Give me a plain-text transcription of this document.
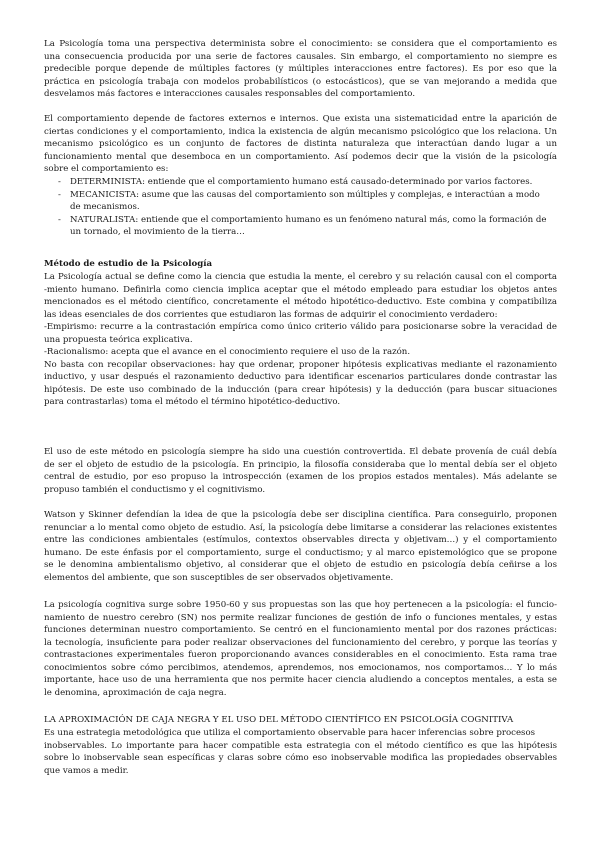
La Psicología toma una perspectiva determinista sobre el conocimiento: se considera que el comportamiento es
una consecuencia producida por una serie de factores causales. Sin embargo, el comportamiento no siempre es
predecible porque depende de múltiples factores (y múltiples interacciones entre factores). Es por eso que la
práctica en psicología trabaja con modelos probabilísticos (o estocásticos), que se van mejorando a medida que
desvelamos más factores e interacciones causales responsables del comportamiento.

El comportamiento depende de factores externos e internos. Que exista una sistematicidad entre la aparición de
ciertas condiciones y el comportamiento, indica la existencia de algún mecanismo psicológico que los relaciona. Un
mecanismo psicológico es un conjunto de factores de distinta naturaleza que interactúan dando lugar a un
funcionamiento mental que desemboca en un comportamiento. Así podemos decir que la visión de la psicología
sobre el comportamiento es:

- DETERMINISTA: entiende que el comportamiento humano está causado-determinado por varios factores.
- MECANICISTA: asume que las causas del comportamiento son múltiples y complejas, e interactúan a modo
de mecanismos.
- NATURALISTA: entiende que el comportamiento humano es un fenómeno natural más, como la formación de
un tornado, el movimiento de la tierra…

Método de estudio de la Psicología

La Psicología actual se define como la ciencia que estudia la mente, el cerebro y su relación causal con el comporta
-miento humano. Definirla como ciencia implica aceptar que el método empleado para estudiar los objetos antes
mencionados es el método científico, concretamente el método hipotético-deductivo. Este combina y compatibiliza
las ideas esenciales de dos corrientes que estudiaron las formas de adquirir el conocimiento verdadero:
-Empirismo: recurre a la contrastación empírica como único criterio válido para posicionarse sobre la veracidad de
una propuesta teórica explicativa.
-Racionalismo: acepta que el avance en el conocimiento requiere el uso de la razón.
No basta con recopilar observaciones: hay que ordenar, proponer hipótesis explicativas mediante el razonamiento
inductivo, y usar después el razonamiento deductivo para identificar escenarios particulares donde contrastar las
hipótesis. De este uso combinado de la inducción (para crear hipótesis) y la deducción (para buscar situaciones
para contrastarlas) toma el método el término hipotético-deductivo.

El uso de este método en psicología siempre ha sido una cuestión controvertida. El debate provenía de cuál debía
de ser el objeto de estudio de la psicología. En principio, la filosofía consideraba que lo mental debía ser el objeto
central de estudio, por eso propuso la introspección (examen de los propios estados mentales). Más adelante se
propuso también el conductismo y el cognitivismo.

Watson y Skinner defendían la idea de que la psicología debe ser disciplina científica. Para conseguirlo, proponen
renunciar a lo mental como objeto de estudio. Así, la psicología debe limitarse a considerar las relaciones existentes
entre las condiciones ambientales (estímulos, contextos observables directa y objetivam…) y el comportamiento
humano. De este énfasis por el comportamiento, surge el conductismo; y al marco epistemológico que se propone
se le denomina ambientalismo objetivo, al considerar que el objeto de estudio en psicología debía ceñirse a los
elementos del ambiente, que son susceptibles de ser observados objetivamente.

La psicología cognitiva surge sobre 1950-60 y sus propuestas son las que hoy pertenecen a la psicología: el funcio-
namiento de nuestro cerebro (SN) nos permite realizar funciones de gestión de info o funciones mentales, y estas
funciones determinan nuestro comportamiento. Se centró en el funcionamiento mental por dos razones prácticas:
la tecnología, insuficiente para poder realizar observaciones del funcionamiento del cerebro, y porque las teorías y
contrastaciones experimentales fueron proporcionando avances considerables en el conocimiento. Esta rama trae
conocimientos sobre cómo percibimos, atendemos, aprendemos, nos emocionamos, nos comportamos… Y lo más
importante, hace uso de una herramienta que nos permite hacer ciencia aludiendo a conceptos mentales, a esta se
le denomina, aproximación de caja negra.

LA APROXIMACIÓN DE CAJA NEGRA Y EL USO DEL MÉTODO CIENTÍFICO EN PSICOLOGÍA COGNITIVA

Es una estrategia metodológica que utiliza el comportamiento observable para hacer inferencias sobre procesos
inobservables. Lo importante para hacer compatible esta estrategia con el método científico es que las hipótesis
sobre lo inobservable sean específicas y claras sobre cómo eso inobservable modifica las propiedades observables
que vamos a medir.
